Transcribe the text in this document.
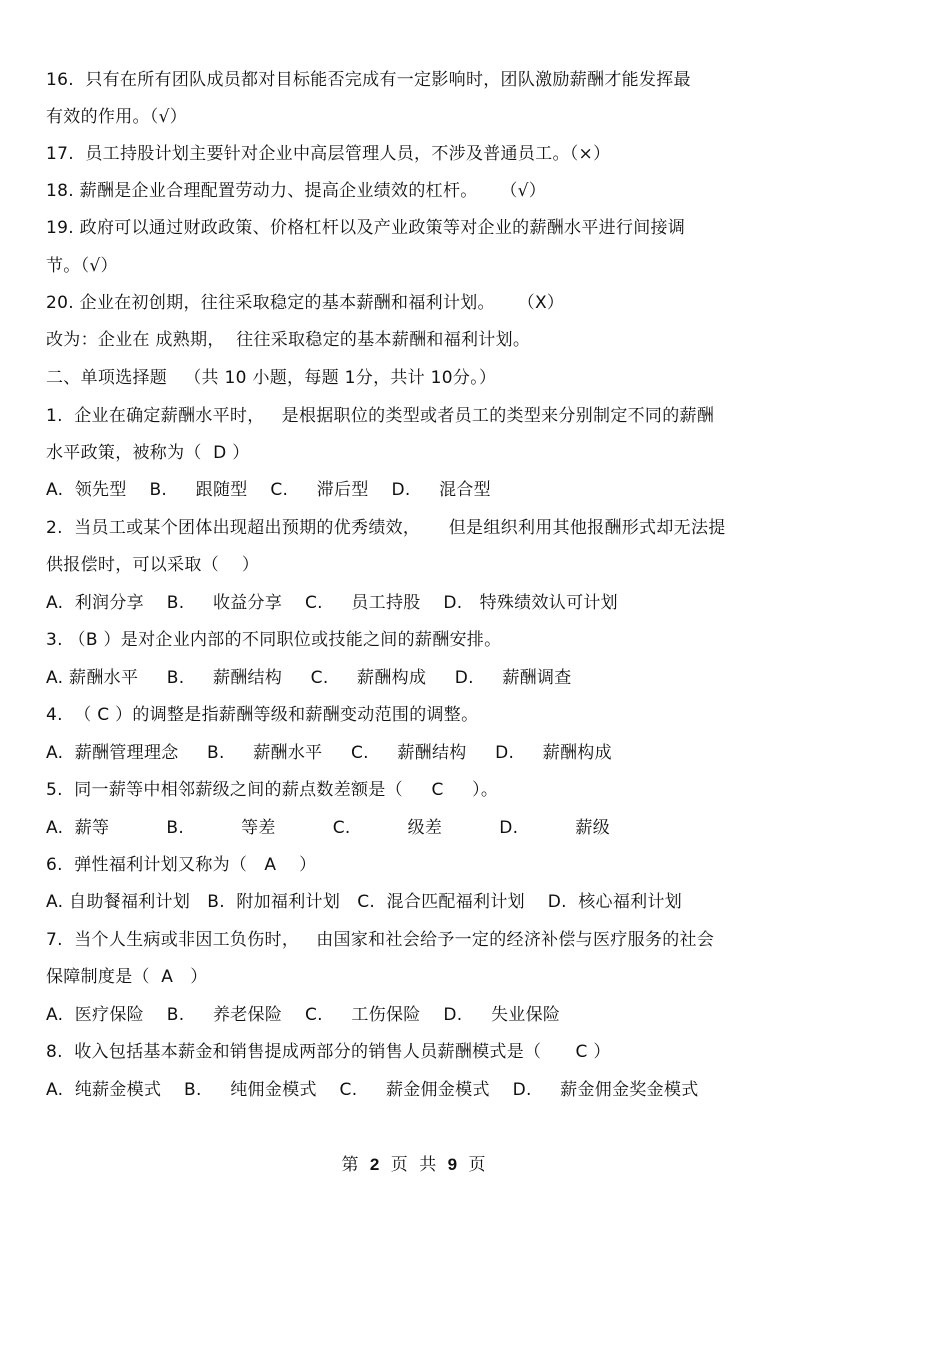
16.  只有在所有团队成员都对目标能否完成有一定影响时，团队激励薪酬才能发挥最
有效的作用。（√）
17.  员工持股计划主要针对企业中高层管理人员，不涉及普通员工。（×）
18. 薪酬是企业合理配置劳动力、提高企业绩效的杠杆。    （√）
19. 政府可以通过财政政策、价格杠杆以及产业政策等对企业的薪酬水平进行间接调
节。（√）
20. 企业在初创期，往往采取稳定的基本薪酬和福利计划。    （X）
改为：企业在 成熟期，  往往采取稳定的基本薪酬和福利计划。
二、单项选择题   （共 10 小题，每题 1分，共计 10分。）
1.  企业在确定薪酬水平时，   是根据职位的类型或者员工的类型来分别制定不同的薪酬
水平政策，被称为（  D ）
A.  领先型    B.     跟随型    C.     滞后型    D.     混合型
2.  当员工或某个团体出现超出预期的优秀绩效，     但是组织利用其他报酬形式却无法提
供报偿时，可以采取（    ）
A.  利润分享    B.     收益分享    C.     员工持股    D.   特殊绩效认可计划
3. （B ）是对企业内部的不同职位或技能之间的薪酬安排。
A. 薪酬水平     B.     薪酬结构     C.     薪酬构成     D.     薪酬调查
4.  （ C ）的调整是指薪酬等级和薪酬变动范围的调整。
A.  薪酬管理理念     B.     薪酬水平     C.     薪酬结构     D.     薪酬构成
5.  同一薪等中相邻薪级之间的薪点数差额是（     C     ）。
A.  薪等          B.          等差          C.          级差          D.          薪级
6.  弹性福利计划又称为（   A    ）
A. 自助餐福利计划   B.  附加福利计划   C.  混合匹配福利计划    D.  核心福利计划
7.  当个人生病或非因工负伤时，   由国家和社会给予一定的经济补偿与医疗服务的社会
保障制度是（  A   ）
A.  医疗保险    B.     养老保险    C.     工伤保险    D.     失业保险
8.  收入包括基本薪金和销售提成两部分的销售人员薪酬模式是（      C ）
A.  纯薪金模式    B.     纯佣金模式    C.     薪金佣金模式    D.     薪金佣金奖金模式
第 2 页 共 9 页
